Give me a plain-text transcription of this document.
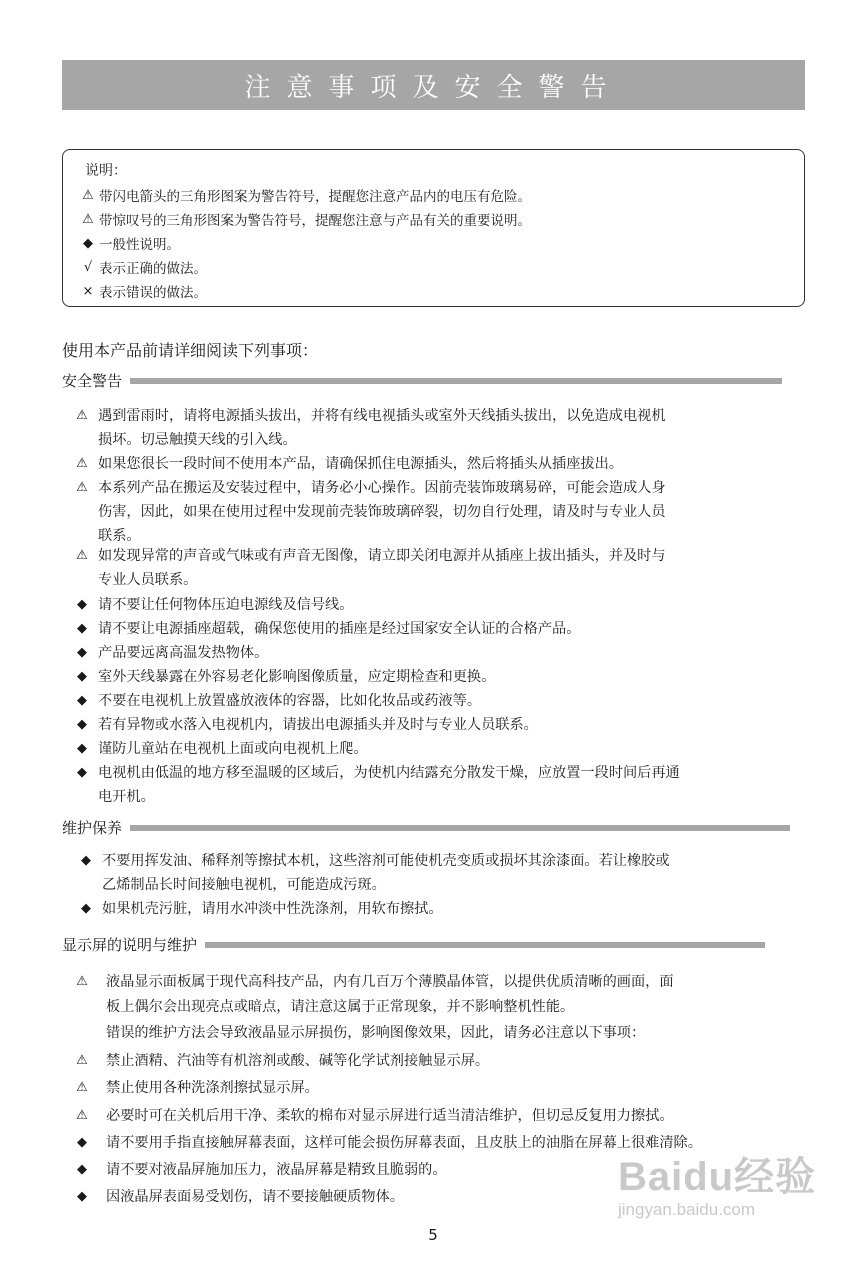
注意事项及安全警告
说明：
⚠ 带闪电箭头的三角形图案为警告符号，提醒您注意产品内的电压有危险。
⚠ 带惊叹号的三角形图案为警告符号，提醒您注意与产品有关的重要说明。
◆ 一般性说明。
√ 表示正确的做法。
× 表示错误的做法。
使用本产品前请详细阅读下列事项：
安全警告
⚠ 遇到雷雨时，请将电源插头拔出，并将有线电视插头或室外天线插头拔出，以免造成电视机
损坏。切忌触摸天线的引入线。
⚠ 如果您很长一段时间不使用本产品，请确保抓住电源插头，然后将插头从插座拔出。
⚠ 本系列产品在搬运及安装过程中，请务必小心操作。因前壳装饰玻璃易碎，可能会造成人身
伤害，因此，如果在使用过程中发现前壳装饰玻璃碎裂，切勿自行处理，请及时与专业人员
联系。
⚠ 如发现异常的声音或气味或有声音无图像，请立即关闭电源并从插座上拔出插头，并及时与
专业人员联系。
◆ 请不要让任何物体压迫电源线及信号线。
◆ 请不要让电源插座超载，确保您使用的插座是经过国家安全认证的合格产品。
◆ 产品要远离高温发热物体。
◆ 室外天线暴露在外容易老化影响图像质量，应定期检查和更换。
◆ 不要在电视机上放置盛放液体的容器，比如化妆品或药液等。
◆ 若有异物或水落入电视机内，请拔出电源插头并及时与专业人员联系。
◆ 谨防儿童站在电视机上面或向电视机上爬。
◆ 电视机由低温的地方移至温暖的区域后，为使机内结露充分散发干燥，应放置一段时间后再通
电开机。
维护保养
◆ 不要用挥发油、稀释剂等擦拭本机，这些溶剂可能使机壳变质或损坏其涂漆面。若让橡胶或
乙烯制品长时间接触电视机，可能造成污斑。
◆ 如果机壳污脏，请用水冲淡中性洗涤剂，用软布擦拭。
显示屏的说明与维护
⚠ 液晶显示面板属于现代高科技产品，内有几百万个薄膜晶体管，以提供优质清晰的画面，面
板上偶尔会出现亮点或暗点，请注意这属于正常现象，并不影响整机性能。
错误的维护方法会导致液晶显示屏损伤，影响图像效果，因此，请务必注意以下事项：
⚠ 禁止酒精、汽油等有机溶剂或酸、碱等化学试剂接触显示屏。
⚠ 禁止使用各种洗涤剂擦拭显示屏。
⚠ 必要时可在关机后用干净、柔软的棉布对显示屏进行适当清洁维护，但切忌反复用力擦拭。
◆	请不要用手指直接触屏幕表面，这样可能会损伤屏幕表面，且皮肤上的油脂在屏幕上很难清除。
◆	请不要对液晶屏施加压力，液晶屏幕是精致且脆弱的。
◆	因液晶屏表面易受划伤，请不要接触硬质物体。
5
Baidu经验
jingyan.baidu.com
